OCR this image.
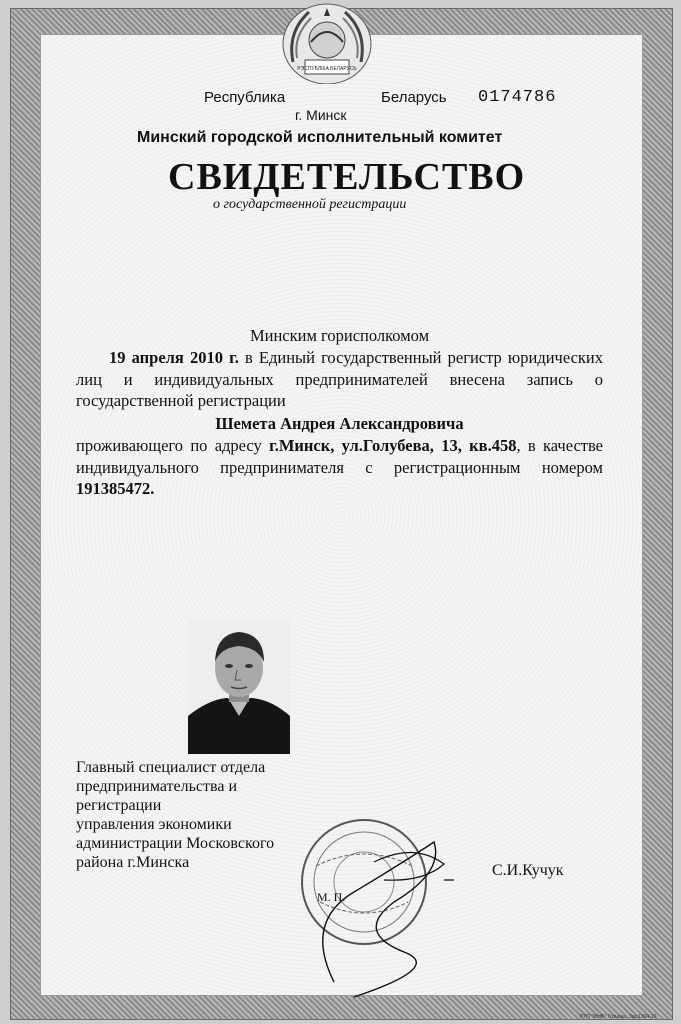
РЭСПУБЛІКА БЕЛАРУСЬ
Республика	Беларусь 0174786
г. Минск
Минский городской исполнительный комитет
СВИДЕТЕЛЬСТВО
о государственной регистрации
Минским горисполкомом
19 апреля 2010 г. в Единый государственный регистр юридических лиц и индивидуальных предпринимателей внесена запись о государственной регистрации
Шемета Андрея Александровича
проживающего по адресу г.Минск, ул.Голубева, 13, кв.458, в качестве индивидуального предпринимателя с регистрационным номером 191385472.
Главный специалист отдела
предпринимательства и
регистрации
управления экономики
администрации Московского
района г.Минска	С.И.Кучук
М. П.
РУП "МНФ" Гознака. Зак.1304-10
